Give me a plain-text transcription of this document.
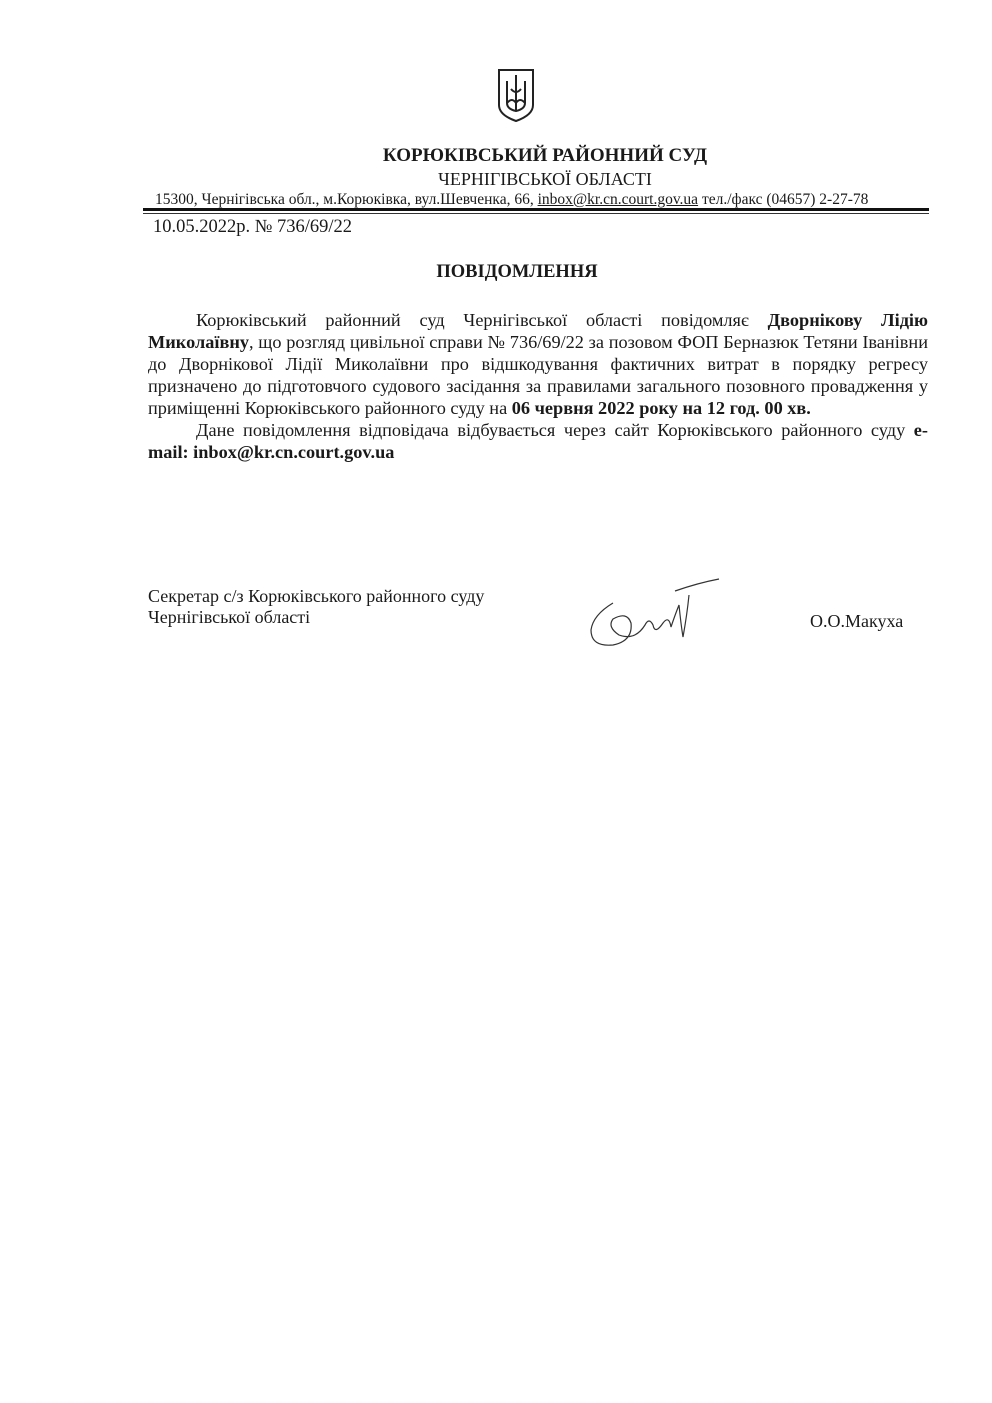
КОРЮКІВСЬКИЙ РАЙОННИЙ СУД
ЧЕРНІГІВСЬКОЇ ОБЛАСТІ
15300, Чернігівська обл., м.Корюківка, вул.Шевченка, 66, inbox@kr.cn.court.gov.ua тел./факс (04657) 2-27-78
10.05.2022р. № 736/69/22
ПОВІДОМЛЕННЯ

Корюківський районний суд Чернігівської області повідомляє Дворнікову Лідію Миколаївну, що розгляд цивільної справи № 736/69/22 за позовом ФОП Берназюк Тетяни Іванівни до Дворнікової Лідії Миколаївни про відшкодування фактичних витрат в порядку регресу призначено до підготовчого судового засідання за правилами загального позовного провадження у приміщенні Корюківського районного суду на 06 червня 2022 року на 12 год. 00 хв.

Дане повідомлення відповідача відбувається через сайт Корюківського районного суду e-mail: inbox@kr.cn.court.gov.ua

Секретар с/з Корюківського районного суду
Чернігівської області	О.О.Макуха
